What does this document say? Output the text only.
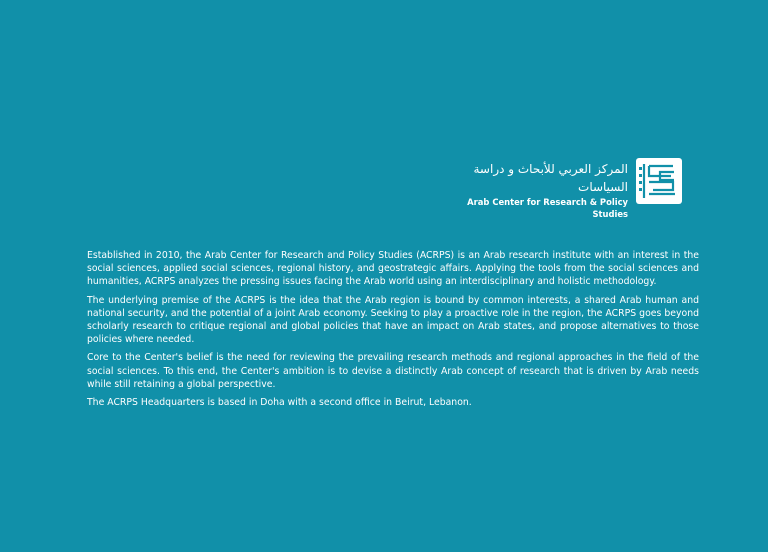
المركز العربي للأبحاث و دراسة السياسات
Arab Center for Research & Policy Studies

Established in 2010, the Arab Center for Research and Policy Studies (ACRPS) is an Arab research institute with an interest in the social sciences, applied social sciences, regional history, and geostrategic affairs. Applying the tools from the social sciences and humanities, ACRPS analyzes the pressing issues facing the Arab world using an interdisciplinary and holistic methodology.

The underlying premise of the ACRPS is the idea that the Arab region is bound by common interests, a shared Arab human and national security, and the potential of a joint Arab economy. Seeking to play a proactive role in the region, the ACRPS goes beyond scholarly research to critique regional and global policies that have an impact on Arab states, and propose alternatives to those policies where needed.

Core to the Center's belief is the need for reviewing the prevailing research methods and regional approaches in the field of the social sciences. To this end, the Center's ambition is to devise a distinctly Arab concept of research that is driven by Arab needs while still retaining a global perspective.

The ACRPS Headquarters is based in Doha with a second office in Beirut, Lebanon.
